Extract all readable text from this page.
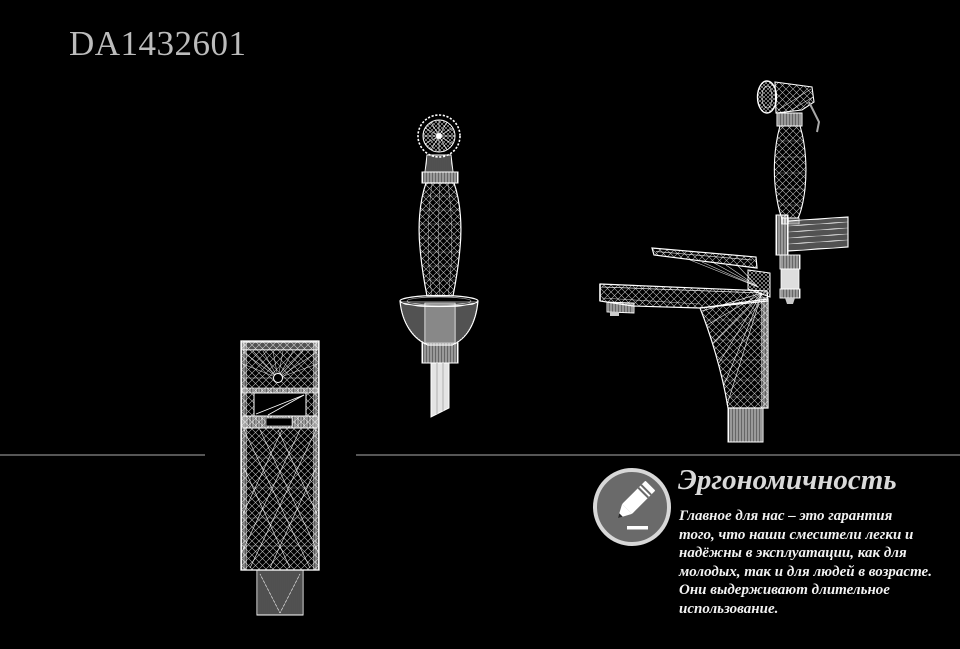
DA1432601
Эргономичность

Главное для нас – это гарантия
того, что наши смесители легки и
надёжны в эксплуатации, как для
молодых, так и для людей в возрасте.
Они выдерживают длительное
использование.
